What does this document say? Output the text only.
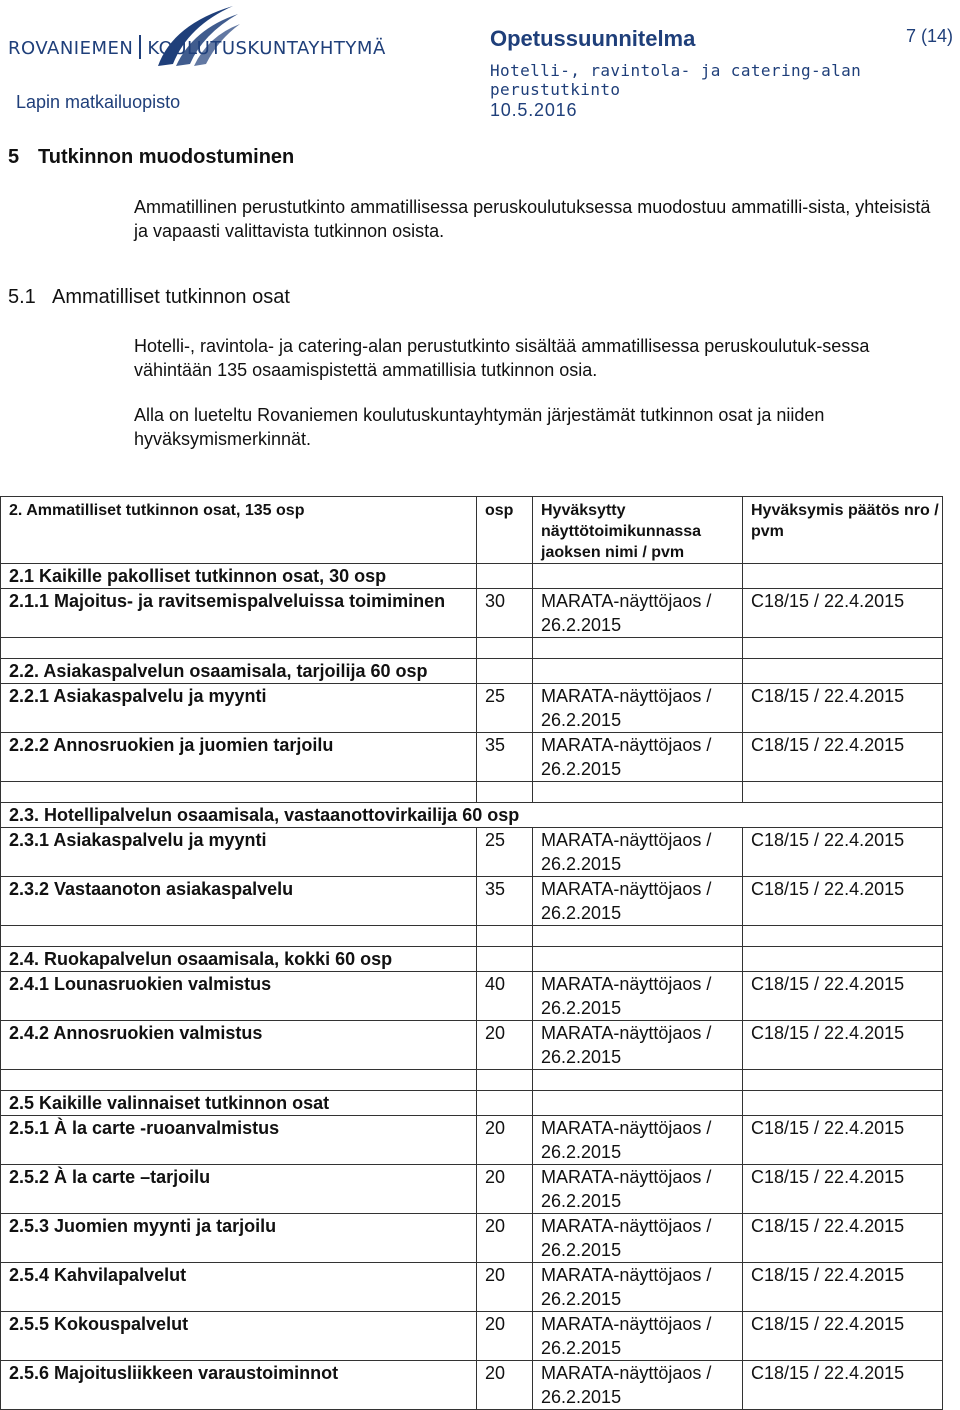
ROVANIEMEN KOULUTUSKUNTAYHTYMÄ
Lapin matkailuopisto
Opetussuunnitelma
Hotelli-, ravintola- ja catering-alan perustutkinto
10.5.2016
7 (14)
5 Tutkinnon muodostuminen
Ammatillinen perustutkinto ammatillisessa peruskoulutuksessa muodostuu ammatilli-sista, yhteisistä ja vapaasti valittavista tutkinnon osista.
5.1 Ammatilliset tutkinnon osat
Hotelli-, ravintola- ja catering-alan perustutkinto sisältää ammatillisessa peruskoulutuk-sessa vähintään 135 osaamispistettä ammatillisia tutkinnon osia.
Alla on lueteltu Rovaniemen koulutuskuntayhtymän järjestämät tutkinnon osat ja niiden hyväksymismerkinnät.
2. Ammatilliset tutkinnon osat, 135 osp	osp	Hyväksytty näyttötoimikunnassa jaoksen nimi / pvm	Hyväksymis päätös nro / pvm
2.1 Kaikille pakolliset tutkinnon osat, 30 osp			
2.1.1 Majoitus- ja ravitsemispalveluissa toimiminen	30	MARATA-näyttöjaos / 26.2.2015	C18/15 / 22.4.2015

2.2. Asiakaspalvelun osaamisala, tarjoilija 60 osp			
2.2.1 Asiakaspalvelu ja myynti	25	MARATA-näyttöjaos / 26.2.2015	C18/15 / 22.4.2015
2.2.2 Annosruokien ja juomien tarjoilu	35	MARATA-näyttöjaos / 26.2.2015	C18/15 / 22.4.2015

2.3. Hotellipalvelun osaamisala, vastaanottovirkailija 60 osp			
2.3.1 Asiakaspalvelu ja myynti	25	MARATA-näyttöjaos / 26.2.2015	C18/15 / 22.4.2015
2.3.2 Vastaanoton asiakaspalvelu	35	MARATA-näyttöjaos / 26.2.2015	C18/15 / 22.4.2015

2.4. Ruokapalvelun osaamisala, kokki 60 osp			
2.4.1 Lounasruokien valmistus	40	MARATA-näyttöjaos / 26.2.2015	C18/15 / 22.4.2015
2.4.2 Annosruokien valmistus	20	MARATA-näyttöjaos / 26.2.2015	C18/15 / 22.4.2015

2.5 Kaikille valinnaiset tutkinnon osat			
2.5.1 À la carte -ruoanvalmistus	20	MARATA-näyttöjaos / 26.2.2015	C18/15 / 22.4.2015
2.5.2 À la carte –tarjoilu	20	MARATA-näyttöjaos / 26.2.2015	C18/15 / 22.4.2015
2.5.3 Juomien myynti ja tarjoilu	20	MARATA-näyttöjaos / 26.2.2015	C18/15 / 22.4.2015
2.5.4 Kahvilapalvelut	20	MARATA-näyttöjaos / 26.2.2015	C18/15 / 22.4.2015
2.5.5 Kokouspalvelut	20	MARATA-näyttöjaos / 26.2.2015	C18/15 / 22.4.2015
2.5.6 Majoitusliikkeen varaustoiminnot	20	MARATA-näyttöjaos / 26.2.2015	C18/15 / 22.4.2015
